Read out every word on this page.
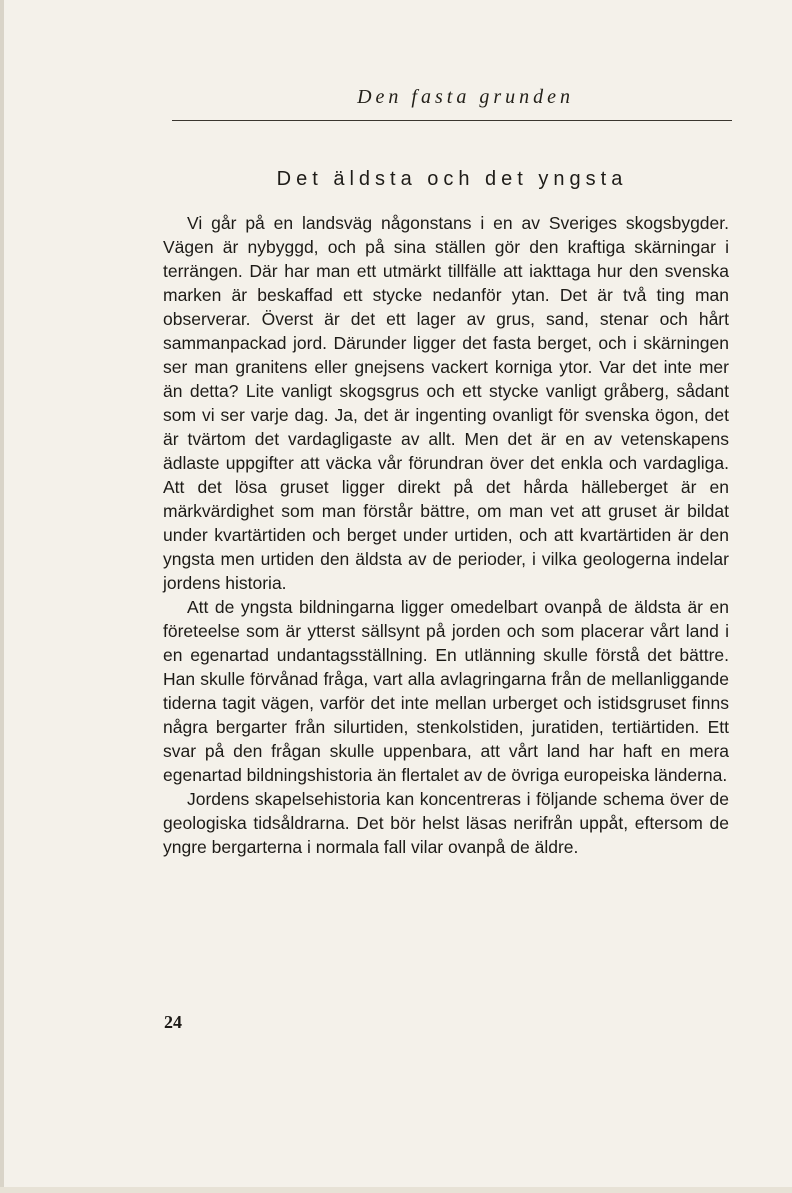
Den fasta grunden
Det äldsta och det yngsta

Vi går på en landsväg någonstans i en av Sveriges skogsbygder. Vägen är nybyggd, och på sina ställen gör den kraftiga skärningar i terrängen. Där har man ett utmärkt tillfälle att iakttaga hur den svenska marken är beskaffad ett stycke nedanför ytan. Det är två ting man observerar. Överst är det ett lager av grus, sand, stenar och hårt sammanpackad jord. Därunder ligger det fasta berget, och i skärningen ser man granitens eller gnejsens vackert korniga ytor. Var det inte mer än detta? Lite vanligt skogsgrus och ett stycke vanligt gråberg, sådant som vi ser varje dag. Ja, det är ingenting ovanligt för svenska ögon, det är tvärtom det vardagligaste av allt. Men det är en av vetenskapens ädlaste uppgifter att väcka vår förundran över det enkla och vardagliga. Att det lösa gruset ligger direkt på det hårda hälleberget är en märkvärdighet som man förstår bättre, om man vet att gruset är bildat under kvartärtiden och berget under urtiden, och att kvartärtiden är den yngsta men urtiden den äldsta av de perioder, i vilka geologerna indelar jordens historia.

Att de yngsta bildningarna ligger omedelbart ovanpå de äldsta är en företeelse som är ytterst sällsynt på jorden och som placerar vårt land i en egenartad undantagsställning. En utlänning skulle förstå det bättre. Han skulle förvånad fråga, vart alla avlagringarna från de mellanliggande tiderna tagit vägen, varför det inte mellan urberget och istidsgruset finns några bergarter från silurtiden, stenkolstiden, juratiden, tertiärtiden. Ett svar på den frågan skulle uppenbara, att vårt land har haft en mera egenartad bildningshistoria än flertalet av de övriga europeiska länderna.

Jordens skapelsehistoria kan koncentreras i följande schema över de geologiska tidsåldrarna. Det bör helst läsas nerifrån uppåt, eftersom de yngre bergarterna i normala fall vilar ovanpå de äldre.

24
